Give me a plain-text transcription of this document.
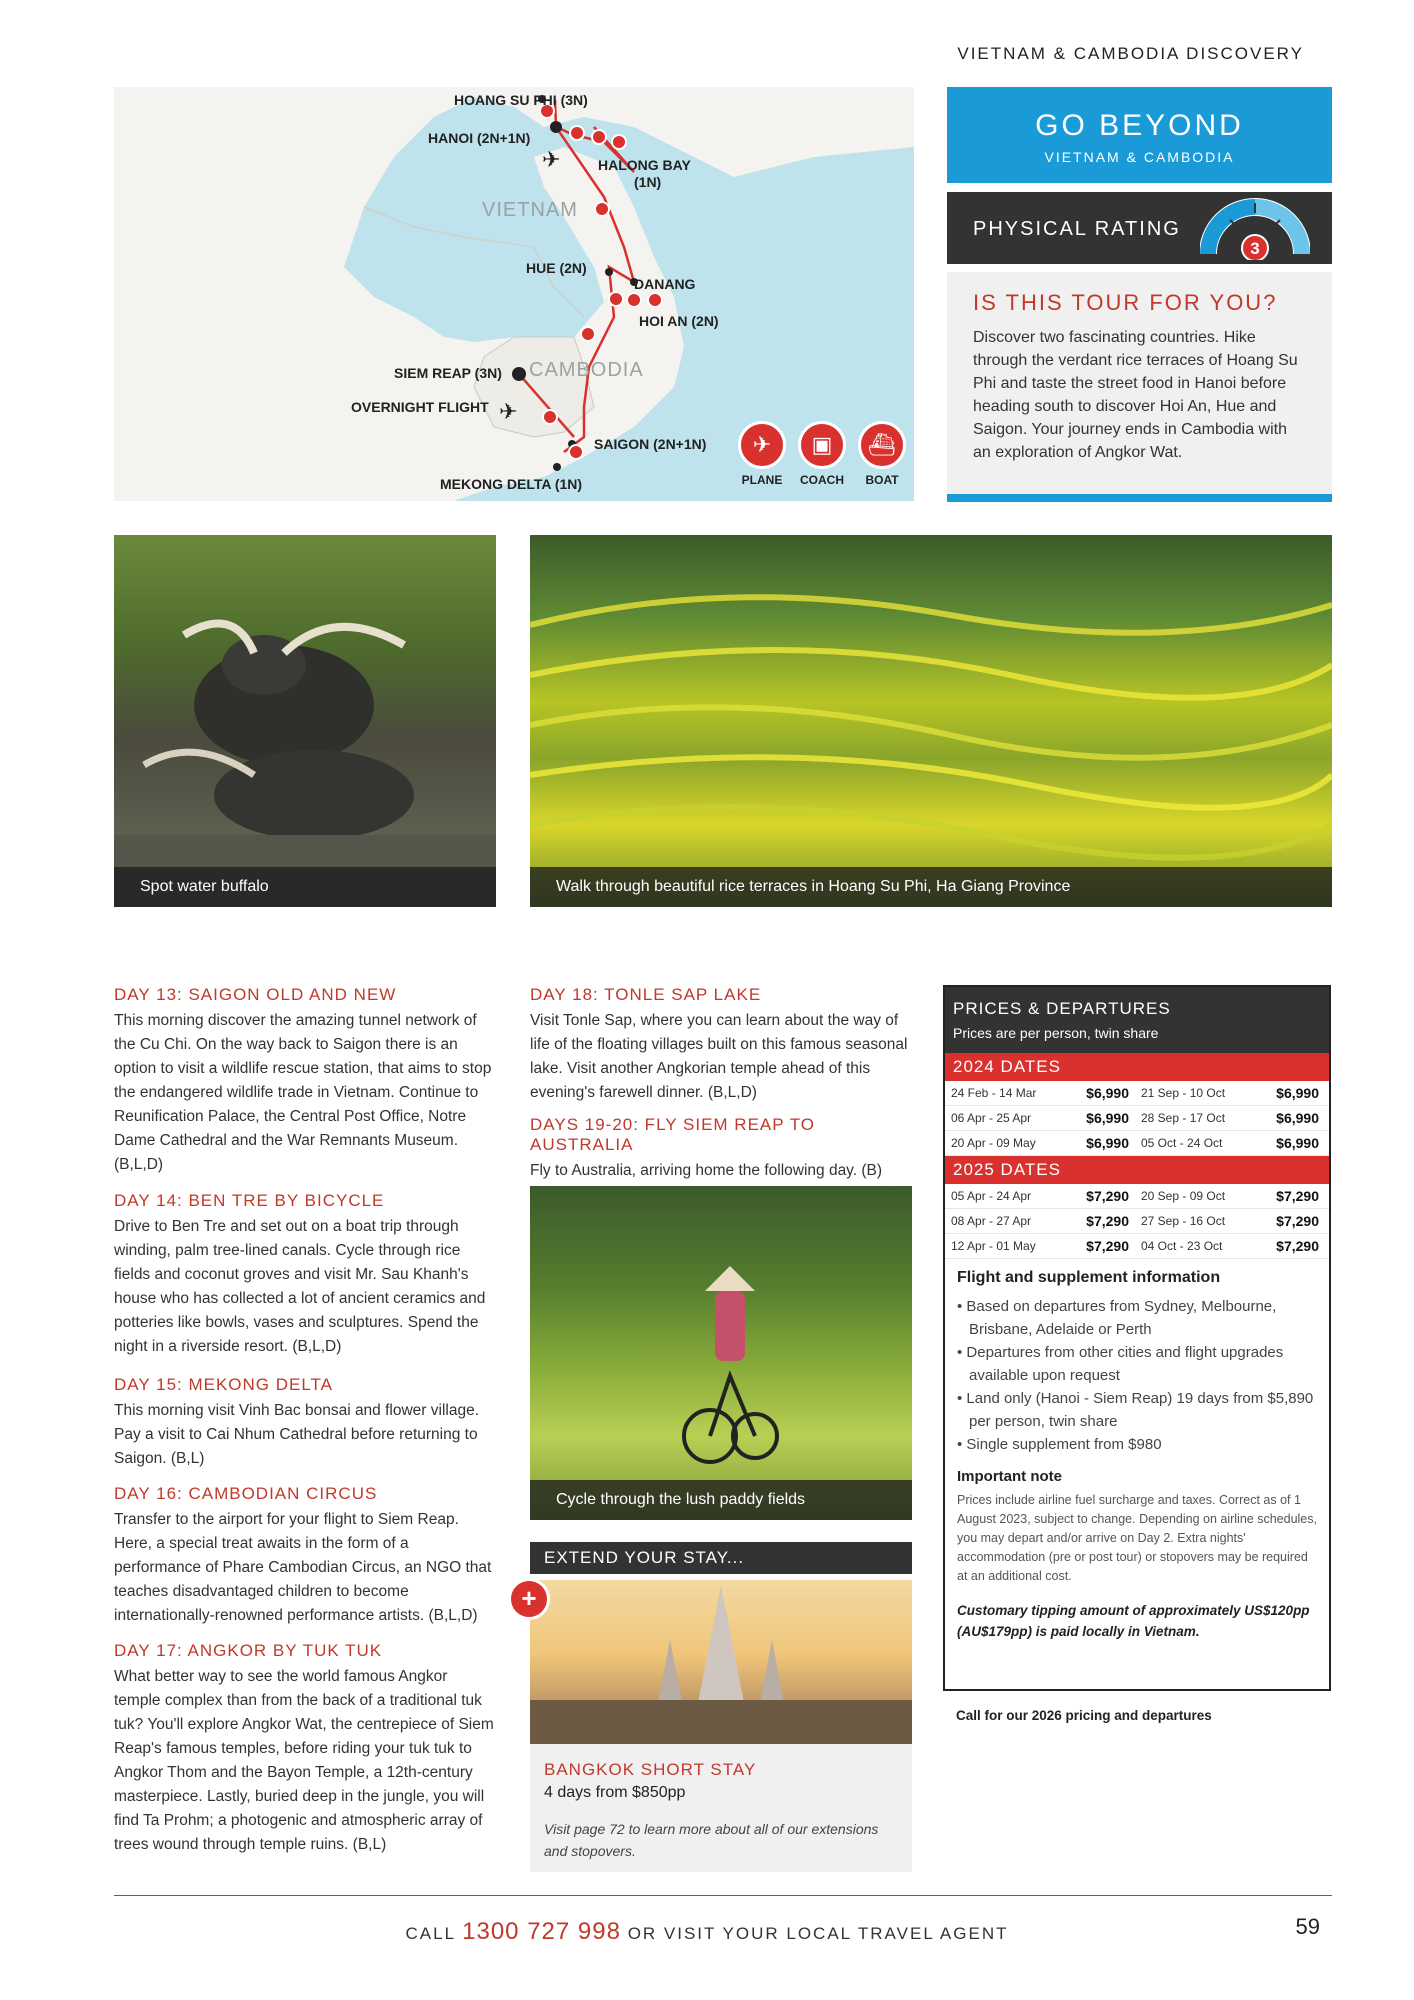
VIETNAM & CAMBODIA DISCOVERY
✈
✈
HOANG SU PHI (3N)
HANOI (2N+1N)
HALONG BAY
(1N)
VIETNAM
HUE (2N)
DANANG
HOI AN (2N)
SIEM REAP (3N) CAMBODIA
OVERNIGHT FLIGHT
SAIGON (2N+1N)
MEKONG DELTA (1N)
✈
PLANE
▣
COACH
⛴
BOAT
GO BEYOND
VIETNAM & CAMBODIA
PHYSICAL RATING
3
IS THIS TOUR FOR YOU?
Discover two fascinating countries. Hike through the verdant rice terraces of Hoang Su Phi and taste the street food in Hanoi before heading south to discover Hoi An, Hue and Saigon. Your journey ends in Cambodia with an exploration of Angkor Wat.
Spot water buffalo	Walk through beautiful rice terraces in Hoang Su Phi, Ha Giang Province
DAY 13: SAIGON OLD AND NEW
This morning discover the amazing tunnel network of the Cu Chi. On the way back to Saigon there is an option to visit a wildlife rescue station, that aims to stop the endangered wildlife trade in Vietnam. Continue to Reunification Palace, the Central Post Office, Notre Dame Cathedral and the War Remnants Museum. (B,L,D)
DAY 14: BEN TRE BY BICYCLE
Drive to Ben Tre and set out on a boat trip through winding, palm tree-lined canals. Cycle through rice fields and coconut groves and visit Mr. Sau Khanh's house who has collected a lot of ancient ceramics and potteries like bowls, vases and sculptures. Spend the night in a riverside resort. (B,L,D)
DAY 15: MEKONG DELTA
This morning visit Vinh Bac bonsai and flower village. Pay a visit to Cai Nhum Cathedral before returning to Saigon. (B,L)
DAY 16: CAMBODIAN CIRCUS
Transfer to the airport for your flight to Siem Reap. Here, a special treat awaits in the form of a performance of Phare Cambodian Circus, an NGO that teaches disadvantaged children to become internationally-renowned performance artists. (B,L,D)
DAY 17: ANGKOR BY TUK TUK
What better way to see the world famous Angkor temple complex than from the back of a traditional tuk tuk? You'll explore Angkor Wat, the centrepiece of Siem Reap's famous temples, before riding your tuk tuk to Angkor Thom and the Bayon Temple, a 12th-century masterpiece. Lastly, buried deep in the jungle, you will find Ta Prohm; a photogenic and atmospheric array of trees wound through temple ruins. (B,L)
DAY 18: TONLE SAP LAKE
Visit Tonle Sap, where you can learn about the way of life of the floating villages built on this famous seasonal lake. Visit another Angkorian temple ahead of this evening's farewell dinner. (B,L,D)
DAYS 19-20: FLY SIEM REAP TO AUSTRALIA
Fly to Australia, arriving home the following day. (B)
Cycle through the lush paddy fields
EXTEND YOUR STAY...
+
BANGKOK SHORT STAY
4 days from $850pp
Visit page 72 to learn more about all of our extensions and stopovers.
PRICES & DEPARTURES
Prices are per person, twin share
2024 DATES
24 Feb - 14 Mar	$6,990	21 Sep - 10 Oct	$6,990
06 Apr - 25 Apr	$6,990	28 Sep - 17 Oct	$6,990
20 Apr - 09 May	$6,990	05 Oct - 24 Oct	$6,990
2025 DATES
05 Apr - 24 Apr	$7,290	20 Sep - 09 Oct	$7,290
08 Apr - 27 Apr	$7,290	27 Sep - 16 Oct	$7,290
12 Apr - 01 May	$7,290	04 Oct - 23 Oct	$7,290
Flight and supplement information
• Based on departures from Sydney, Melbourne, Brisbane, Adelaide or Perth
• Departures from other cities and flight upgrades available upon request
• Land only (Hanoi - Siem Reap) 19 days from $5,890 per person, twin share
• Single supplement from $980
Important note
Prices include airline fuel surcharge and taxes. Correct as of 1 August 2023, subject to change. Depending on airline schedules, you may depart and/or arrive on Day 2. Extra nights' accommodation (pre or post tour) or stopovers may be required at an additional cost.
Customary tipping amount of approximately US$120pp (AU$179pp) is paid locally in Vietnam.
Call for our 2026 pricing and departures
CALL 1300 727 998 OR VISIT YOUR LOCAL TRAVEL AGENT	59
